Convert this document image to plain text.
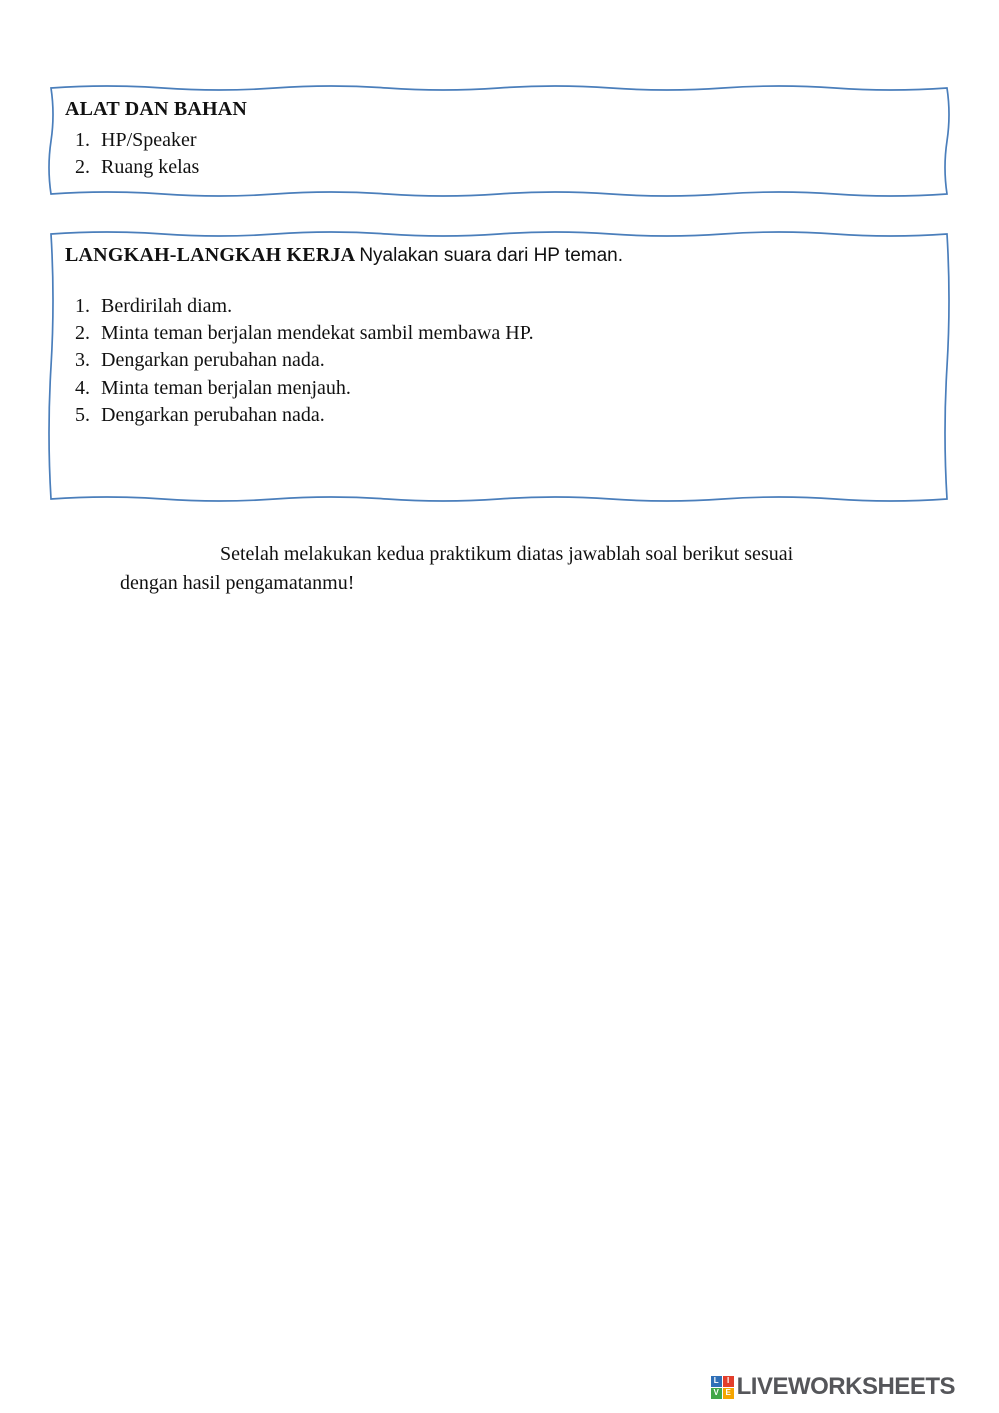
ALAT DAN BAHAN
1. HP/Speaker
2. Ruang kelas
LANGKAH-LANGKAH KERJA Nyalakan suara dari HP teman.
1. Berdirilah diam.
2. Minta teman berjalan mendekat sambil membawa HP.
3. Dengarkan perubahan nada.
4. Minta teman berjalan menjauh.
5. Dengarkan perubahan nada.
Setelah melakukan kedua praktikum diatas jawablah soal berikut sesuai dengan hasil pengamatanmu!
L	I
V E LIVEWORKSHEETS
